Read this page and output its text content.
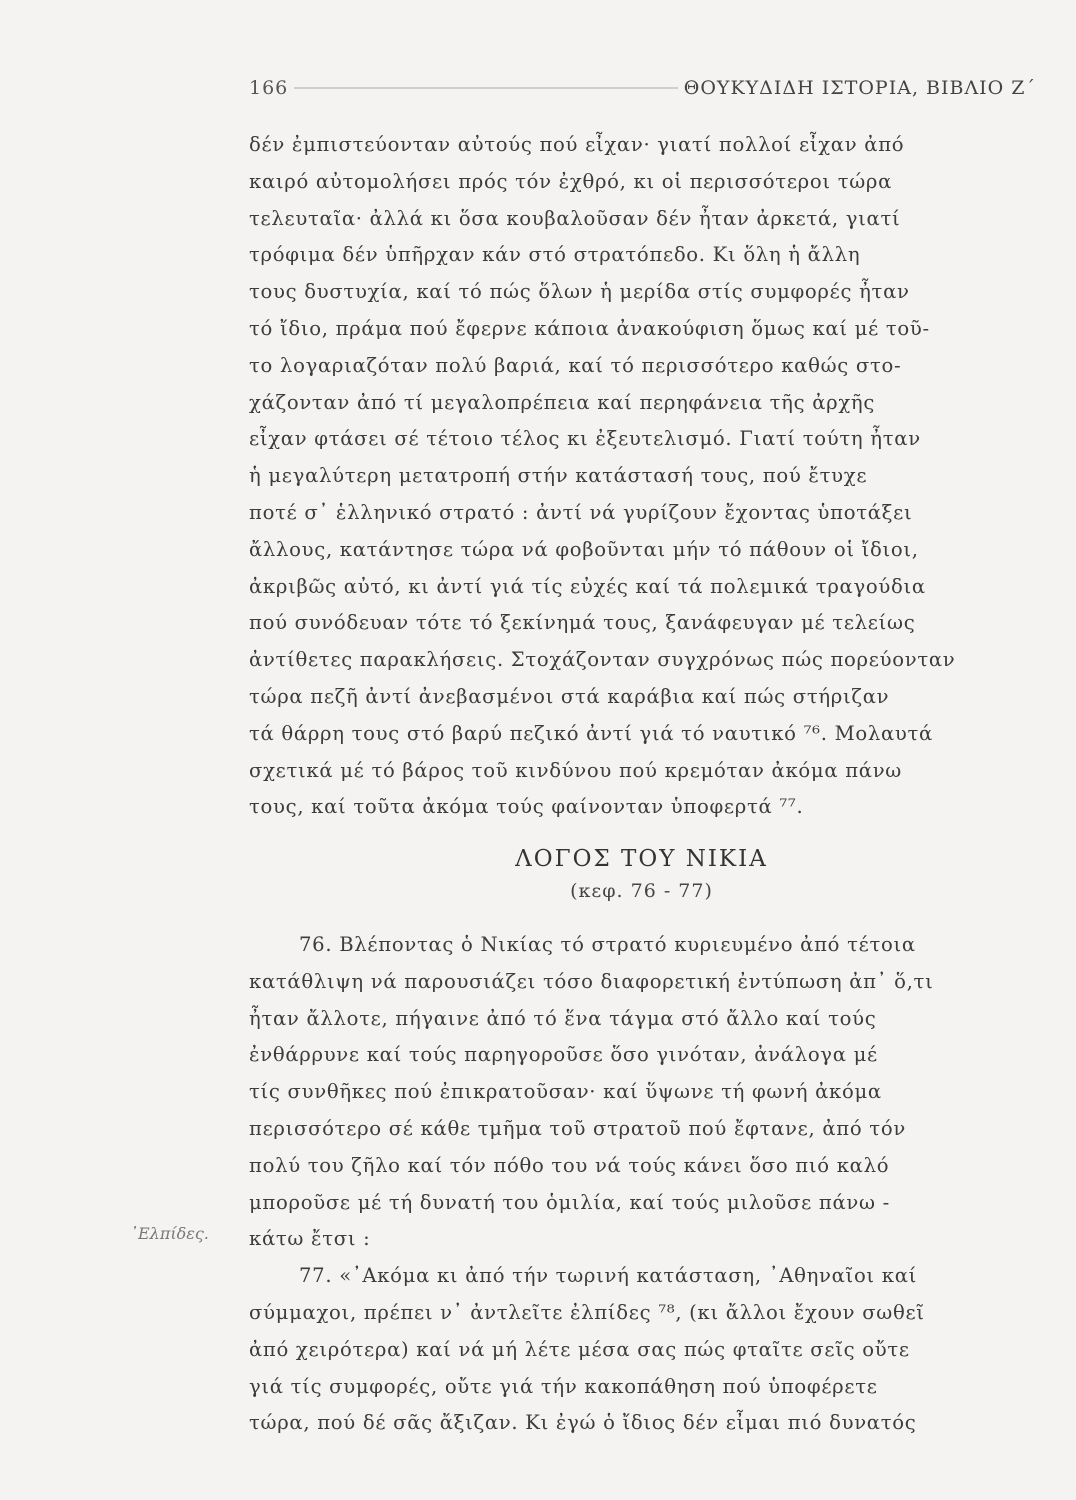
166	ΘΟΥΚΥΔΙΔΗ ΙΣΤΟΡΙΑ, ΒΙΒΛΙΟ Ζ΄
δέν ἐμπιστεύονταν αὐτούς πού εἶχαν· γιατί πολλοί εἶχαν ἀπό
καιρό αὐτομολήσει πρός τόν ἐχθρό, κι οἱ περισσότεροι τώρα
τελευταῖα· ἀλλά κι ὅσα κουβαλοῦσαν δέν ἦταν ἀρκετά, γιατί
τρόφιμα δέν ὑπῆρχαν κάν στό στρατόπεδο. Κι ὅλη ἡ ἄλλη
τους δυστυχία, καί τό πώς ὅλων ἡ μερίδα στίς συμφορές ἦταν
τό ἴδιο, πράμα πού ἔφερνε κάποια ἀνακούφιση ὅμως καί μέ τοῦ-
το λογαριαζόταν πολύ βαριά, καί τό περισσότερο καθώς στο-
χάζονταν ἀπό τί μεγαλοπρέπεια καί περηφάνεια τῆς ἀρχῆς
εἶχαν φτάσει σέ τέτοιο τέλος κι ἐξευτελισμό. Γιατί τούτη ἦταν
ἡ μεγαλύτερη μετατροπή στήν κατάστασή τους, πού ἔτυχε
ποτέ σ᾿ ἑλληνικό στρατό : ἀντί νά γυρίζουν ἔχοντας ὑποτάξει
ἄλλους, κατάντησε τώρα νά φοβοῦνται μήν τό πάθουν οἱ ἴδιοι,
ἀκριβῶς αὐτό, κι ἀντί γιά τίς εὐχές καί τά πολεμικά τραγούδια
πού συνόδευαν τότε τό ξεκίνημά τους, ξανάφευγαν μέ τελείως
ἀντίθετες παρακλήσεις. Στοχάζονταν συγχρόνως πώς πορεύονταν
τώρα πεζῆ ἀντί ἀνεβασμένοι στά καράβια καί πώς στήριζαν
τά θάρρη τους στό βαρύ πεζικό ἀντί γιά τό ναυτικό ⁷⁶. Μολαυτά
σχετικά μέ τό βάρος τοῦ κινδύνου πού κρεμόταν ἀκόμα πάνω
τους, καί τοῦτα ἀκόμα τούς φαίνονταν ὑποφερτά ⁷⁷.
ΛΟΓΟΣ ΤΟΥ ΝΙΚΙΑ
(κεφ. 76 - 77)
76. Βλέποντας ὁ Νικίας τό στρατό κυριευμένο ἀπό τέτοια
κατάθλιψη νά παρουσιάζει τόσο διαφορετική ἐντύπωση ἀπ᾿ ὅ,τι
ἦταν ἄλλοτε, πήγαινε ἀπό τό ἕνα τάγμα στό ἄλλο καί τούς
ἐνθάρρυνε καί τούς παρηγοροῦσε ὅσο γινόταν, ἀνάλογα μέ
τίς συνθῆκες πού ἐπικρατοῦσαν· καί ὕψωνε τή φωνή ἀκόμα
περισσότερο σέ κάθε τμῆμα τοῦ στρατοῦ πού ἔφτανε, ἀπό τόν
πολύ του ζῆλο καί τόν πόθο του νά τούς κάνει ὅσο πιό καλό
μποροῦσε μέ τή δυνατή του ὁμιλία, καί τούς μιλοῦσε πάνω -
κάτω ἔτσι :
77. «᾿Ακόμα κι ἀπό τήν τωρινή κατάσταση, ᾿Αθηναῖοι καί
σύμμαχοι, πρέπει ν᾿ ἀντλεῖτε ἐλπίδες ⁷⁸, (κι ἄλλοι ἔχουν σωθεῖ
ἀπό χειρότερα) καί νά μή λέτε μέσα σας πώς φταῖτε σεῖς οὔτε
γιά τίς συμφορές, οὔτε γιά τήν κακοπάθηση πού ὑποφέρετε
τώρα, πού δέ σᾶς ἄξιζαν. Κι ἐγώ ὁ ἴδιος δέν εἶμαι πιό δυνατός
᾿Ελπίδες.
